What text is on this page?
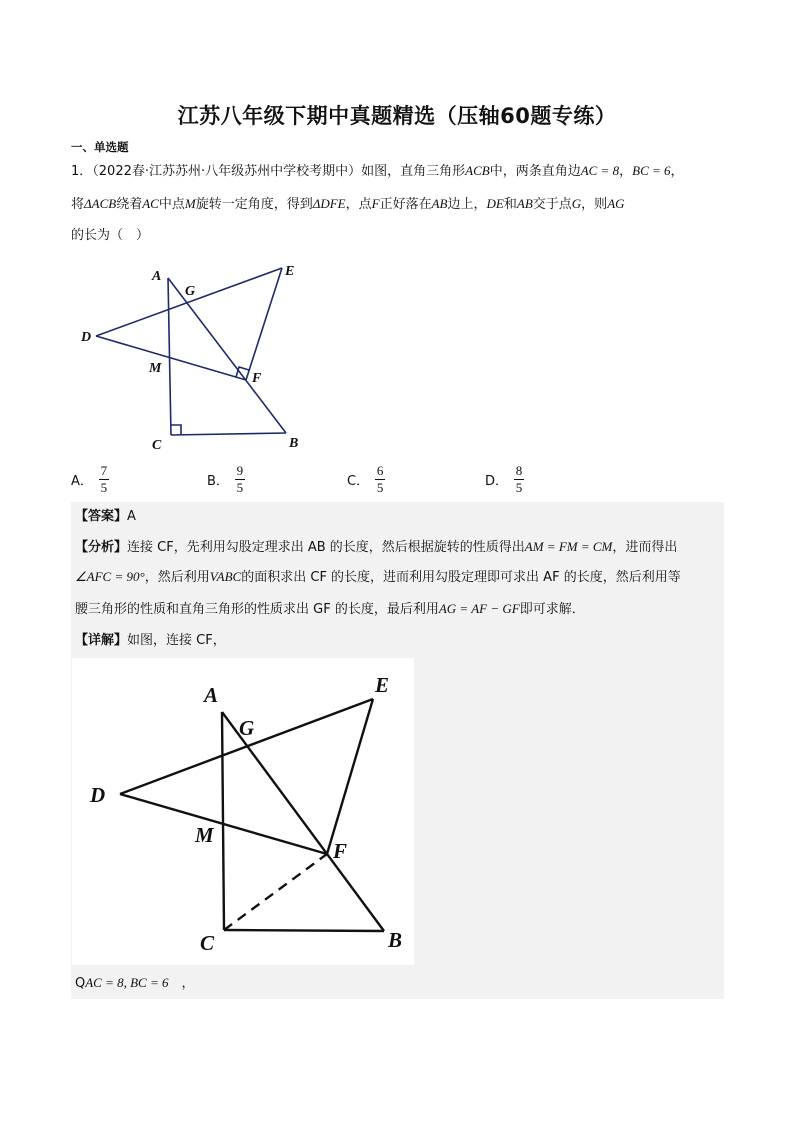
江苏八年级下期中真题精选（压轴60题专练）
一、单选题
1．（2022春·江苏苏州·八年级苏州中学校考期中）如图，直角三角形ACB中，两条直角边AC = 8，BC = 6，
将ΔACB绕着AC中点M旋转一定角度，得到ΔDFE，点F正好落在AB边上，DE和AB交于点G，则AG
的长为（　）
A
G
E
D
M
F
C	B
A． $\frac{7}{5}$	B． $\frac{9}{5}$	C． $\frac{6}{5}$	D． $\frac{8}{5}$
【答案】A
【分析】连接 CF，先利用勾股定理求出 AB 的长度，然后根据旋转的性质得出AM = FM = CM，进而得出
∠AFC = 90°，然后利用VABC的面积求出 CF 的长度，进而利用勾股定理即可求出 AF 的长度，然后利用等
腰三角形的性质和直角三角形的性质求出 GF 的长度，最后利用AG = AF − GF即可求解．
【详解】如图，连接 CF，
A	E
G
D
M
F
C	B
QAC = 8, BC = 6　，
